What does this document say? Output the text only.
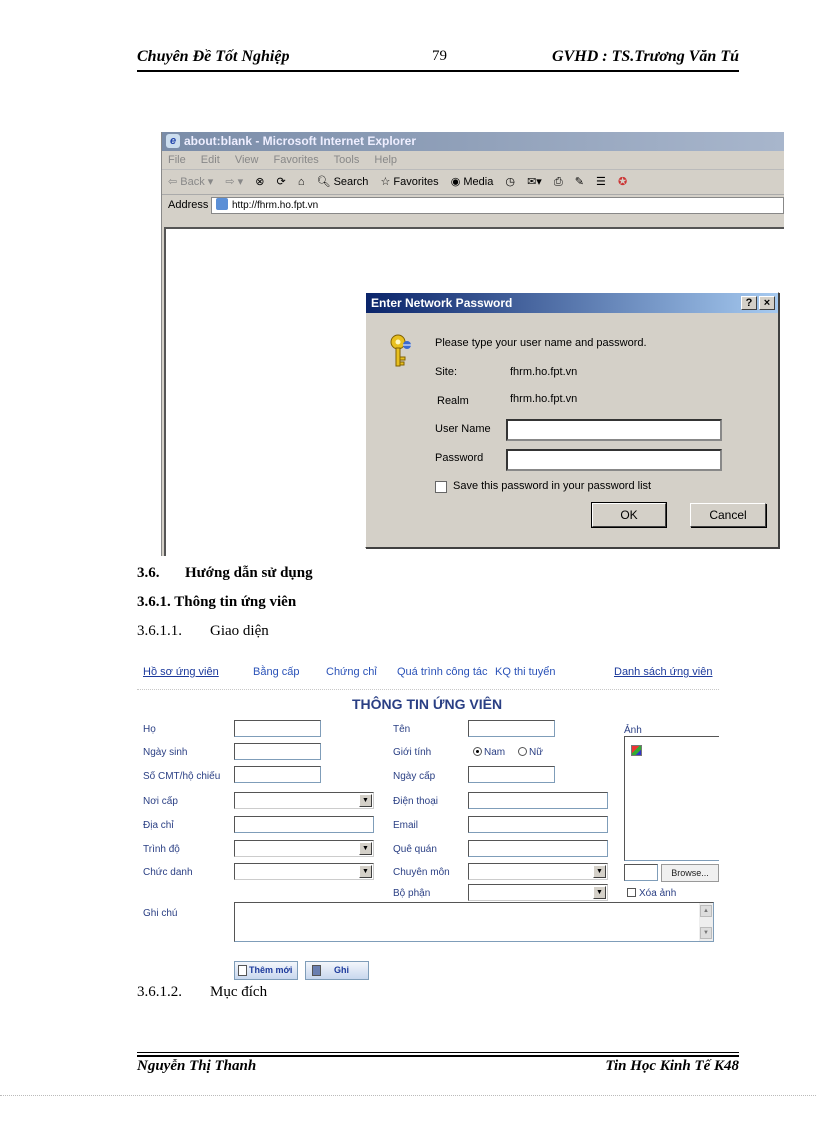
Chuyên Đề Tốt Nghiệp	79	GVHD : TS.Trương Văn Tú
e about:blank - Microsoft Internet Explorer
File Edit View Favorites Tools Help
⇦ Back ▾ ⇨ ▾ ⊗ ⟳ ⌂ 🔍︎ Search ☆ Favorites ◉ Media ◷ ✉▾ ⎙ ✎ ☰ ✪
Address	http://fhrm.ho.fpt.vn
Enter Network Password	?	×
Please type your user name and password.
Site:	fhrm.ho.fpt.vn
Realm	fhrm.ho.fpt.vn
User Name
Password
Save this password in your password list
OK	Cancel
3.6. Hướng dẫn sử dụng
3.6.1. Thông tin ứng viên
3.6.1.1. Giao diện
Hồ sơ ứng viên	Bằng cấp Chứng chỉ Quá trình công tác KQ thi tuyển	Danh sách ứng viên
THÔNG TIN ỨNG VIÊN
Họ	Tên	Ảnh
Ngày sinh	Giới tính	Nam	Nữ
Số CMT/hộ chiếu	Ngày cấp
Nơi cấp	▼	Điện thoại
Địa chỉ	Email
Trình độ	▼	Quê quán
Chức danh	▼	Chuyên môn	▼
Bộ phận	▼
Browse...
Xóa ảnh
Ghi chú	▲
▼
Thêm mới	Ghi
3.6.1.2. Mục đích
Nguyễn Thị Thanh	Tin Học Kinh Tế K48
